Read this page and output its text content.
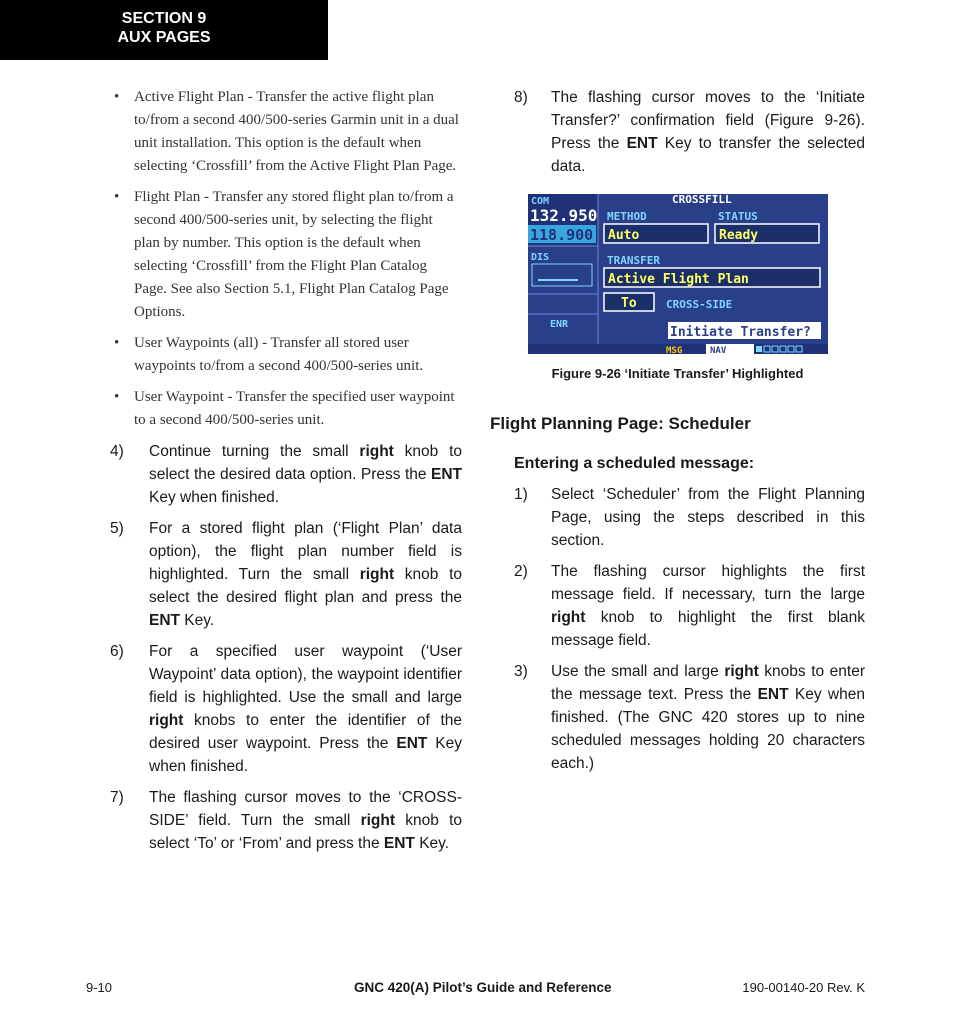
SECTION 9
AUX PAGES
• Active Flight Plan - Transfer the active flight plan to/from a second 400/500-series Garmin unit in a dual unit installation. This option is the default when selecting ‘Crossfill’ from the Active Flight Plan Page.
• Flight Plan - Transfer any stored flight plan to/from a second 400/500-series unit, by selecting the flight plan by number. This option is the default when selecting ‘Crossfill’ from the Flight Plan Catalog Page. See also Section 5.1, Flight Plan Catalog Page Options.
• User Waypoints (all) - Transfer all stored user waypoints to/from a second 400/500-series unit.
• User Waypoint - Transfer the specified user waypoint to a second 400/500-series unit.
4) Continue turning the small right knob to select the desired data option. Press the ENT Key when finished.
5) For a stored flight plan (‘Flight Plan’ data option), the flight plan number field is highlighted. Turn the small right knob to select the desired flight plan and press the ENT Key.
6) For a specified user waypoint (‘User Waypoint’ data option), the waypoint identifier field is highlighted. Use the small and large right knobs to enter the identifier of the desired user waypoint. Press the ENT Key when finished.
7) The flashing cursor moves to the ‘CROSS-SIDE’ field. Turn the small right knob to select ‘To’ or ‘From’ and press the ENT Key.
8) The flashing cursor moves to the ‘Initiate Transfer?’ confirmation field (Figure 9-26). Press the ENT Key to transfer the selected data.
COM
132.950
118.900
DIS
ENR
CROSSFILL
METHOD	STATUS
Auto	Ready
TRANSFER
Active Flight Plan
To	CROSS-SIDE
Initiate Transfer?
MSG	NAV
Figure 9-26 ‘Initiate Transfer’ Highlighted
Flight Planning Page: Scheduler
Entering a scheduled message:
1) Select ‘Scheduler’ from the Flight Planning Page, using the steps described in this section.
2) The flashing cursor highlights the first message field. If necessary, turn the large right knob to highlight the first blank message field.
3) Use the small and large right knobs to enter the message text. Press the ENT Key when finished. (The GNC 420 stores up to nine scheduled messages holding 20 characters each.)
9-10	GNC 420(A) Pilot’s Guide and Reference	190-00140-20 Rev. K
